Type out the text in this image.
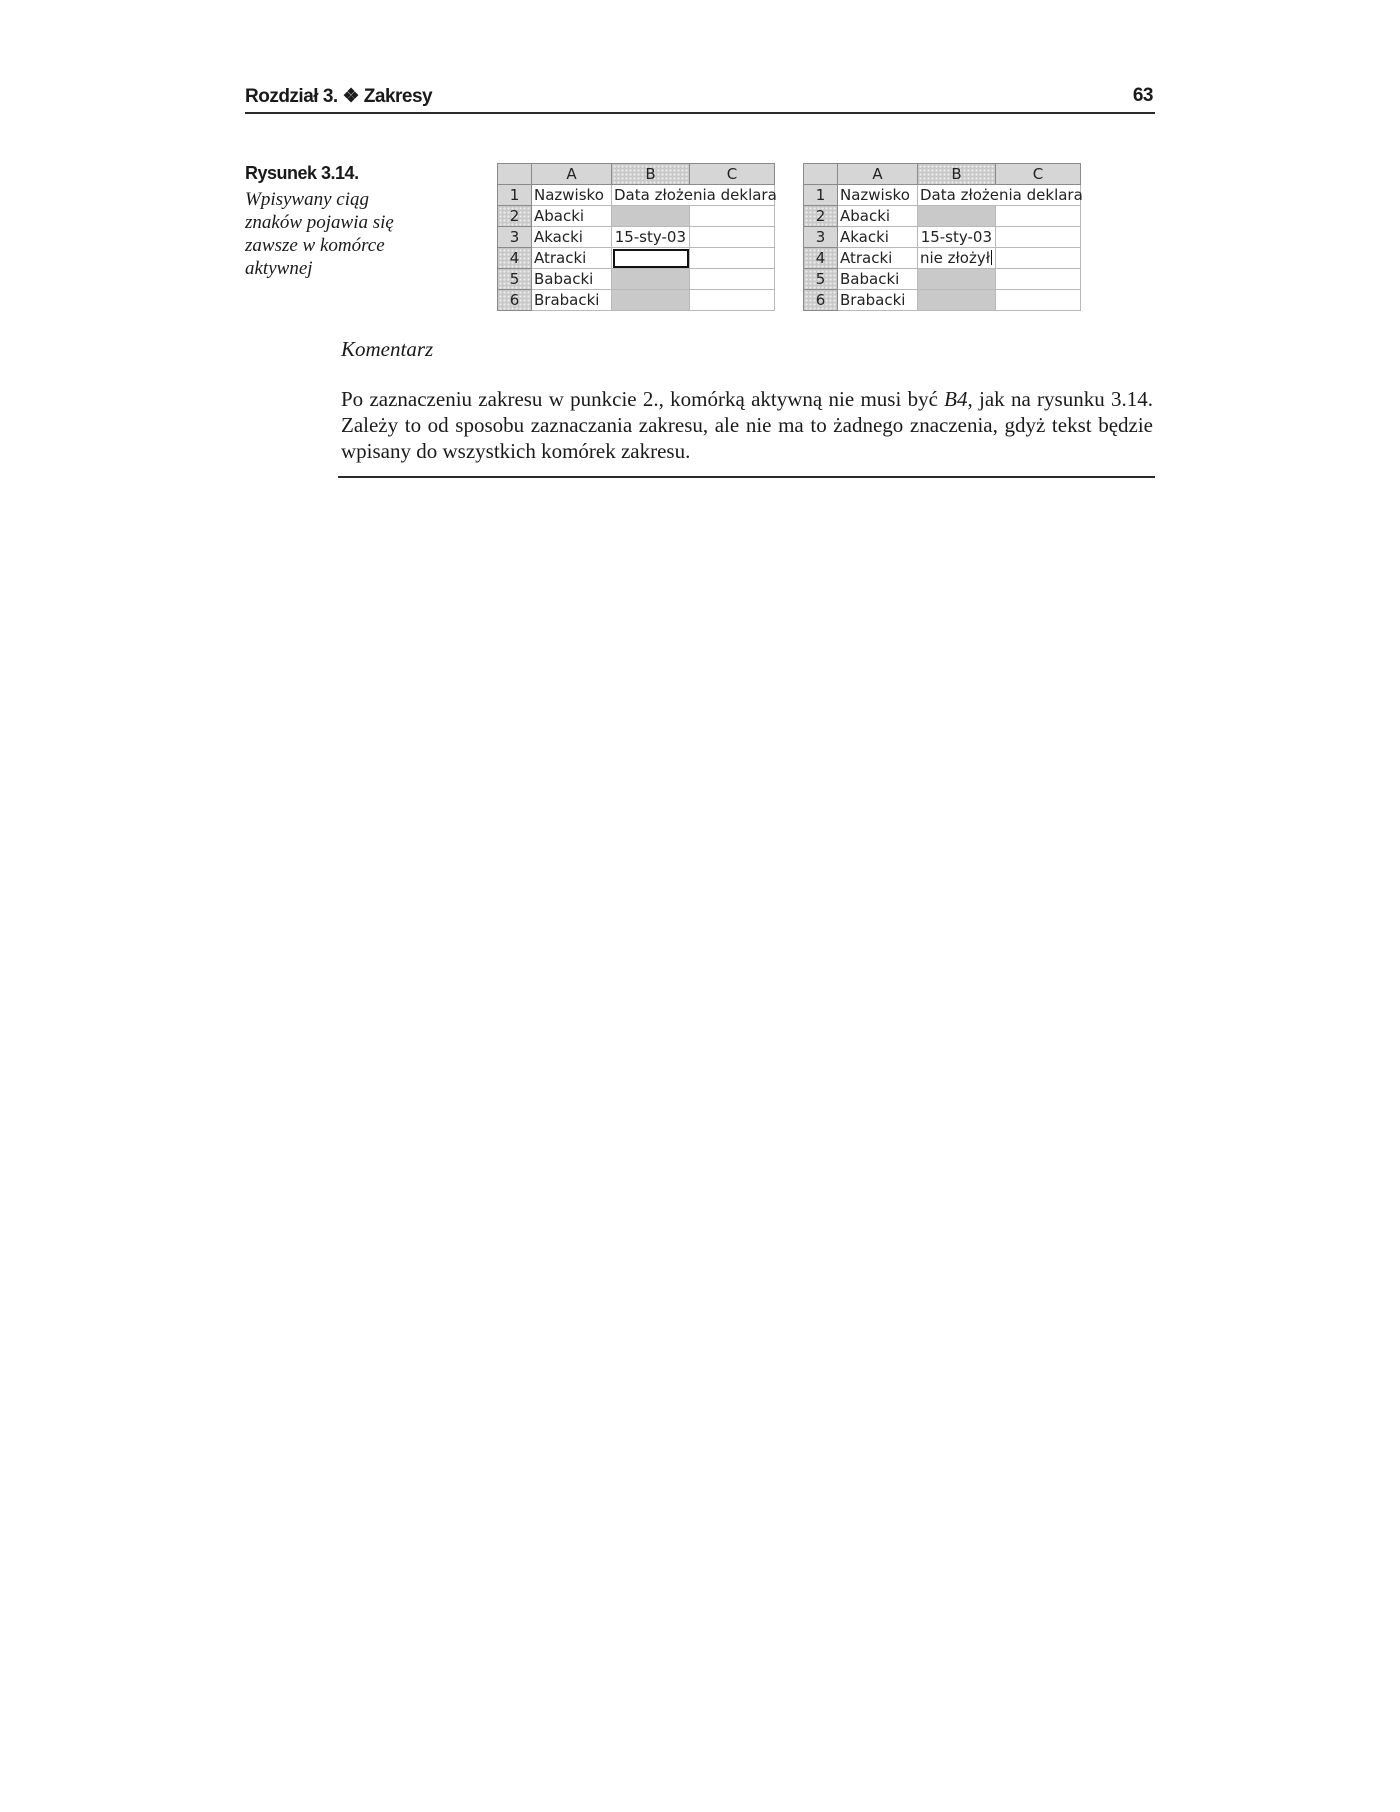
Rozdział 3. ❖ Zakresy	63
Rysunek 3.14.
Wpisywany ciąg znaków pojawia się zawsze w komórce aktywnej
	A	B	C
1	Nazwisko	Data złożenia deklara	
2	Abacki		
3	Akacki	15-sty-03	
4	Atracki		
5	Babacki		
6	Brabacki		
	A	B	C
1	Nazwisko	Data złożenia deklara	
2	Abacki		
3	Akacki	15-sty-03	
4	Atracki	nie złożył	
5	Babacki		
6	Brabacki		
Komentarz

Po zaznaczeniu zakresu w punkcie 2., komórką aktywną nie musi być B4, jak na rysunku 3.14. Zależy to od sposobu zaznaczania zakresu, ale nie ma to żadnego znaczenia, gdyż tekst będzie wpisany do wszystkich komórek zakresu.
